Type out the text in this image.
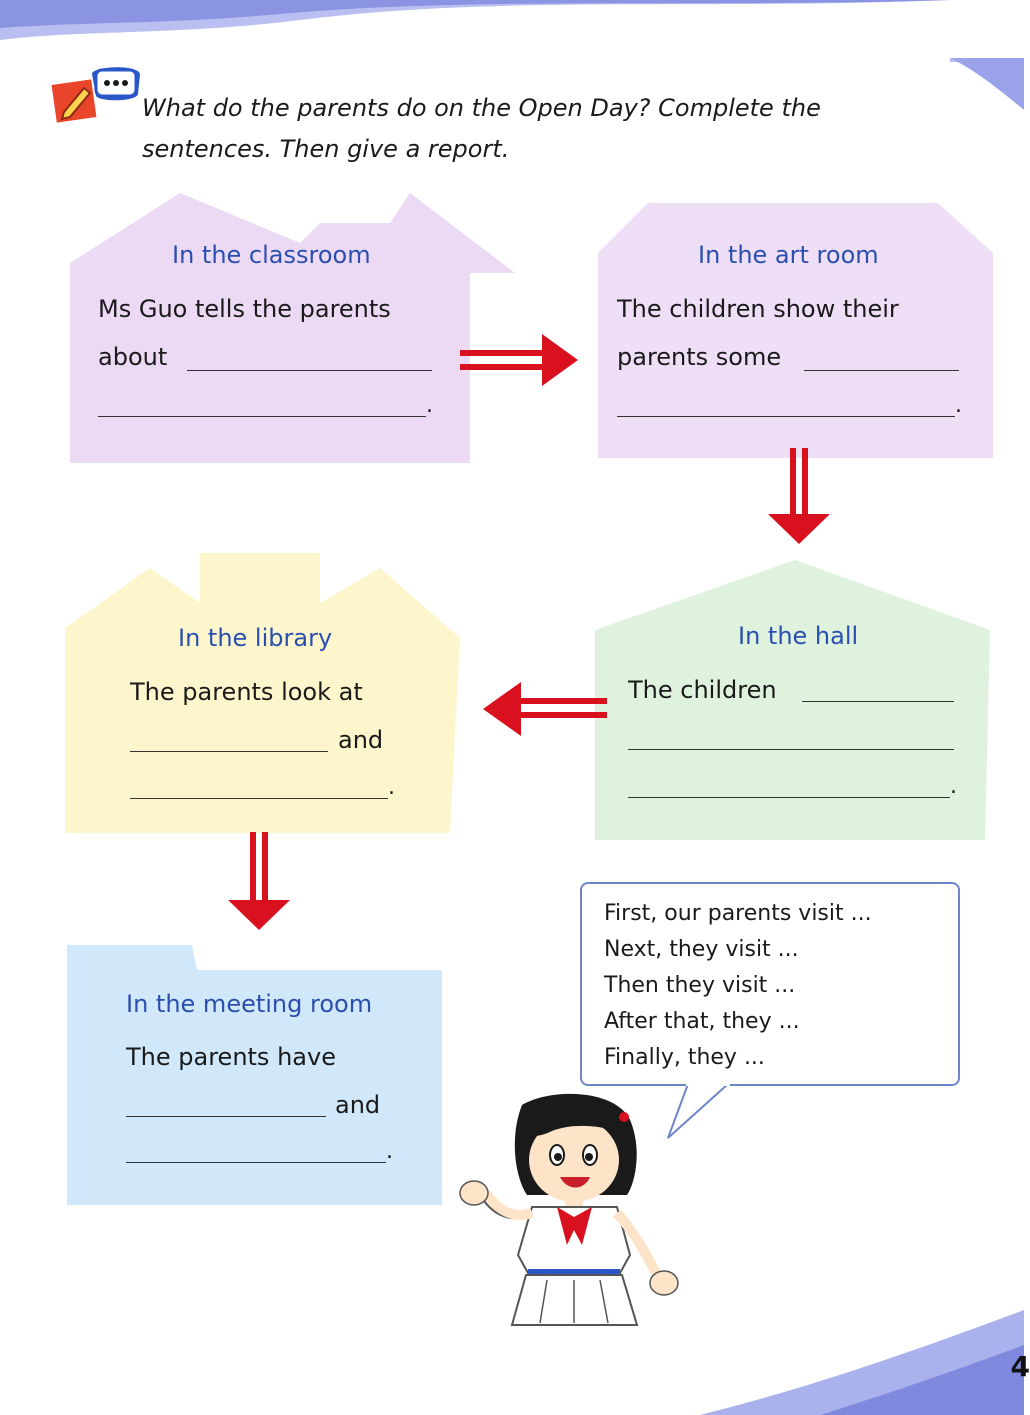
4
What do the parents do on the Open Day? Complete the sentences. Then give a report.
In the classroom
Ms Guo tells the parents
about
.
In the art room
The children show their
parents some
.
In the hall
The children
.
In the library
The parents look at
and
.
In the meeting room
The parents have
and
.
First, our parents visit ...
Next, they visit ...
Then they visit ...
After that, they ...
Finally, they ...
